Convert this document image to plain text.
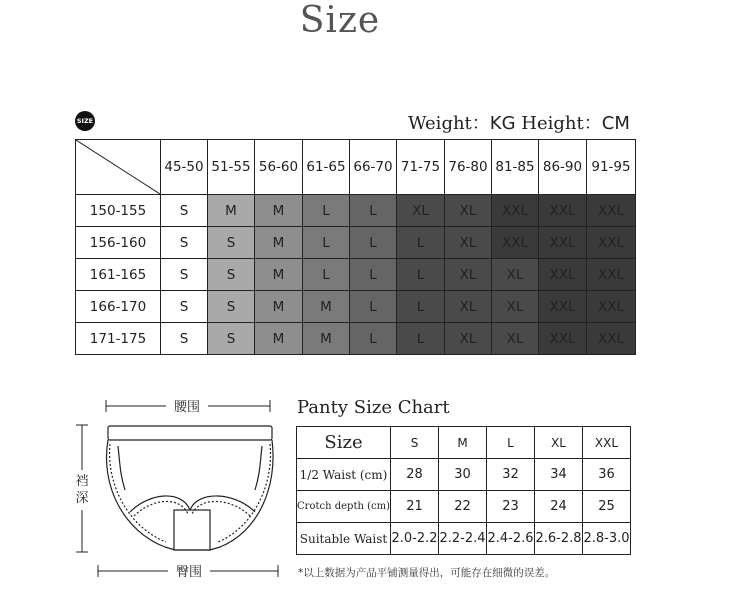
Size
SIZE	Weight：KG Height：CM
	45-50	51-55	56-60	61-65	66-70	71-75	76-80	81-85	86-90	91-95
150-155	S	M	M	L	L	XL	XL	XXL	XXL	XXL
156-160	S	S	M	L	L	L	XL	XXL	XXL	XXL
161-165	S	S	M	L	L	L	XL	XL	XXL	XXL
166-170	S	S	M	M	L	L	XL	XL	XXL	XXL
171-175	S	S	M	M	L	L	XL	XL	XXL	XXL
腰围
裆
深
臀围
Panty Size Chart
Size	S	M	L	XL	XXL
1/2 Waist (cm)	28	30	32	34	36
Crotch depth (cm)	21	22	23	24	25
Suitable Waist	2.0-2.2	2.2-2.4	2.4-2.6	2.6-2.8	2.8-3.0
*以上数据为产品平铺测量得出，可能存在细微的误差。
